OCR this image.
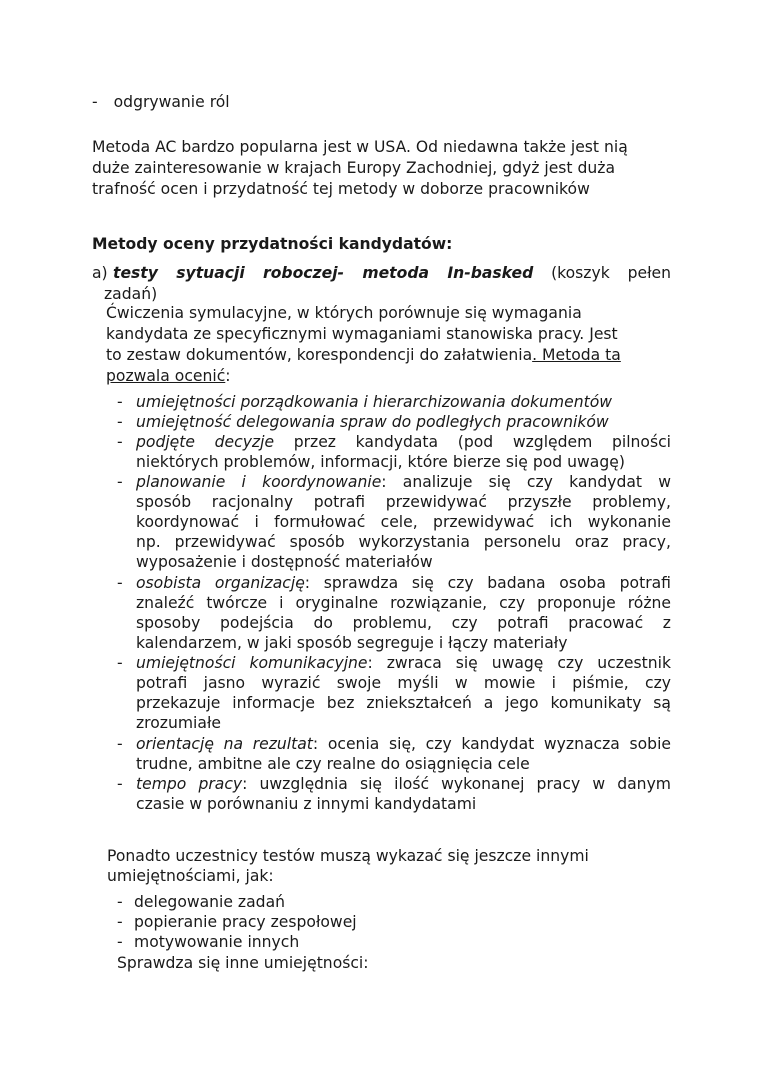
- odgrywanie ról
Metoda AC bardzo popularna jest w USA. Od niedawna także jest nią
duże zainteresowanie w krajach Europy Zachodniej, gdyż jest duża
trafność ocen i przydatność tej metody w doborze pracowników
Metody oceny przydatności kandydatów:
a) testy sytuacji roboczej- metoda In-basked (koszyk pełen
zadań)
Ćwiczenia symulacyjne, w których porównuje się wymagania
kandydata ze specyficznymi wymaganiami stanowiska pracy. Jest
to zestaw dokumentów, korespondencji do załatwienia. Metoda ta
pozwala ocenić:
- umiejętności porządkowania i hierarchizowania dokumentów
- umiejętność delegowania spraw do podległych pracowników
- podjęte decyzje przez kandydata (pod względem pilności
niektórych problemów, informacji, które bierze się pod uwagę)
- planowanie i koordynowanie: analizuje się czy kandydat w
sposób racjonalny potrafi przewidywać przyszłe problemy,
koordynować i formułować cele, przewidywać ich wykonanie
np. przewidywać sposób wykorzystania personelu oraz pracy,
wyposażenie i dostępność materiałów
- osobista organizację: sprawdza się czy badana osoba potrafi
znaleźć twórcze i oryginalne rozwiązanie, czy proponuje różne
sposoby podejścia do problemu, czy potrafi pracować z
kalendarzem, w jaki sposób segreguje i łączy materiały
- umiejętności komunikacyjne: zwraca się uwagę czy uczestnik
potrafi jasno wyrazić swoje myśli w mowie i piśmie, czy
przekazuje informacje bez zniekształceń a jego komunikaty są
zrozumiałe
- orientację na rezultat: ocenia się, czy kandydat wyznacza sobie
trudne, ambitne ale czy realne do osiągnięcia cele
- tempo pracy: uwzględnia się ilość wykonanej pracy w danym
czasie w porównaniu z innymi kandydatami
Ponadto uczestnicy testów muszą wykazać się jeszcze innymi
umiejętnościami, jak:
- delegowanie zadań
- popieranie pracy zespołowej
- motywowanie innych
Sprawdza się inne umiejętności:
